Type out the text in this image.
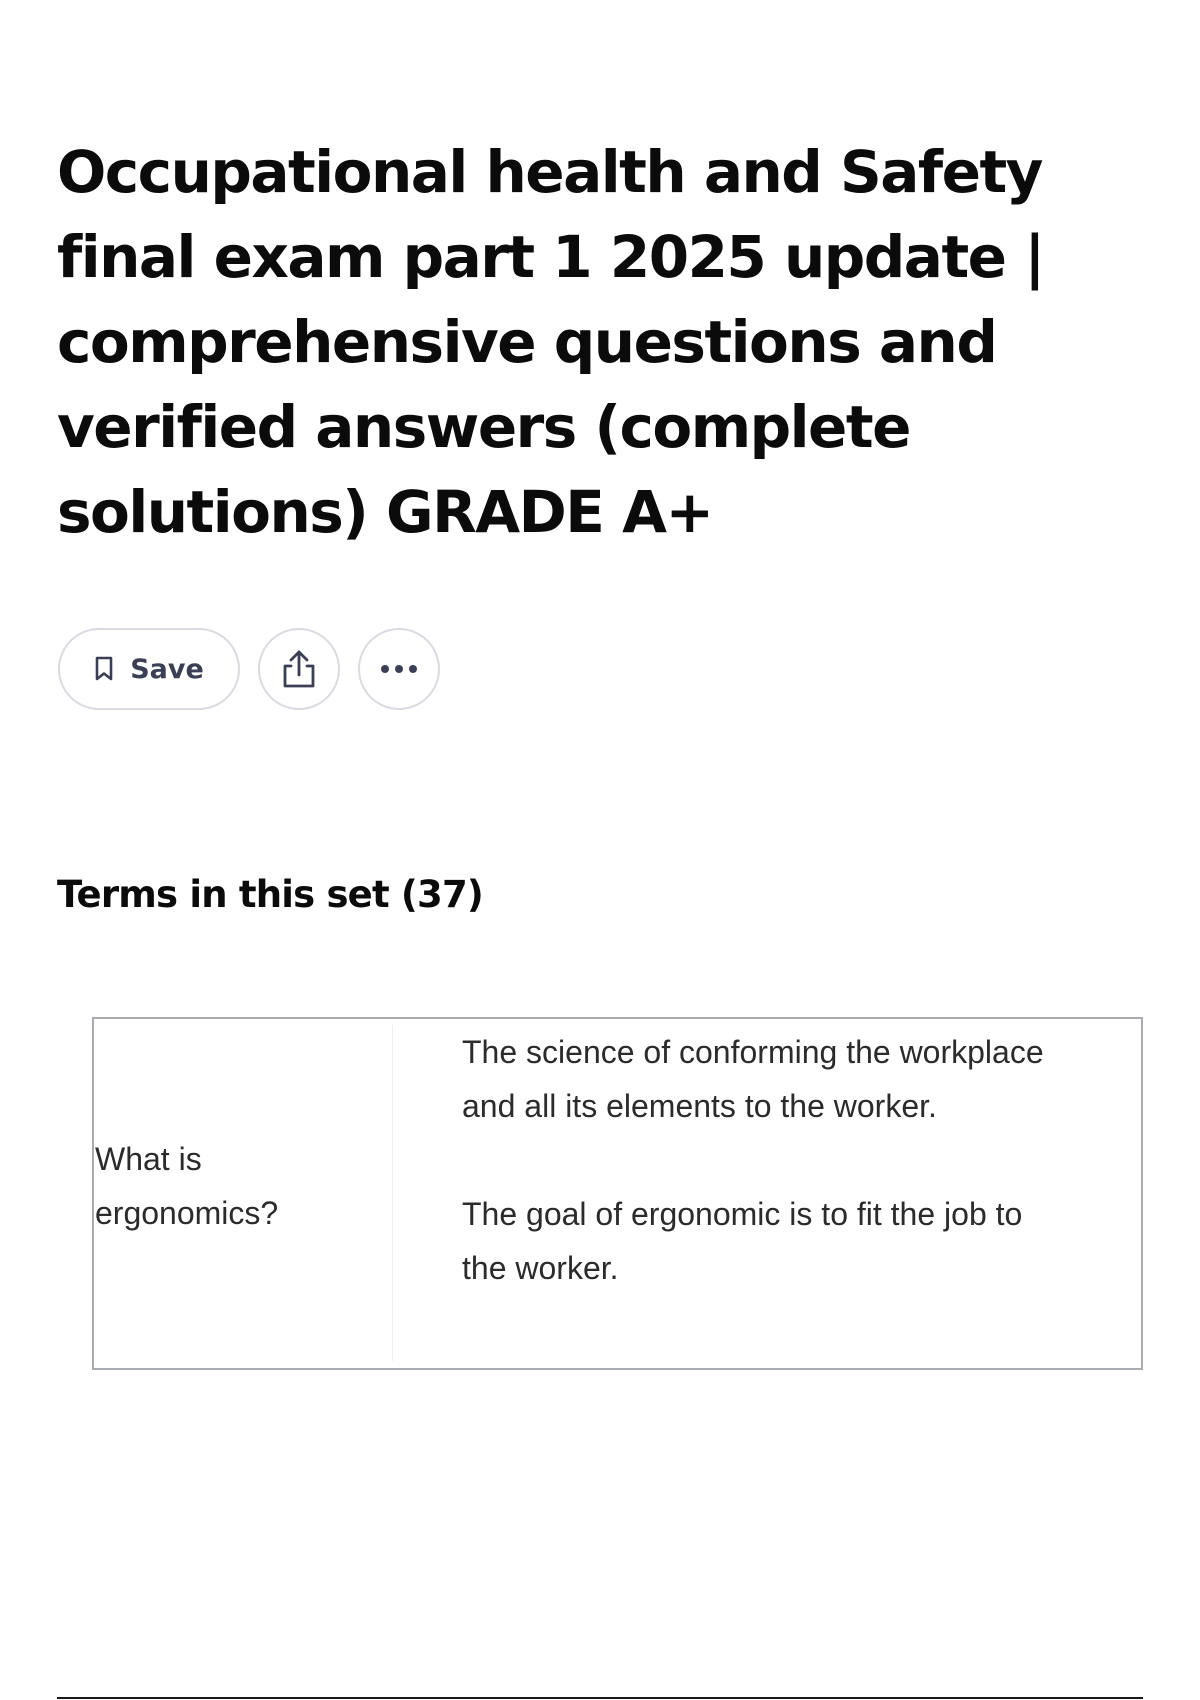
Occupational health and Safety final exam part 1 2025 update | comprehensive questions and verified answers (complete solutions) GRADE A+
Save
Terms in this set (37)

What is ergonomics?

The science of conforming the workplace and all its elements to the worker.

The goal of ergonomic is to fit the job to the worker.
